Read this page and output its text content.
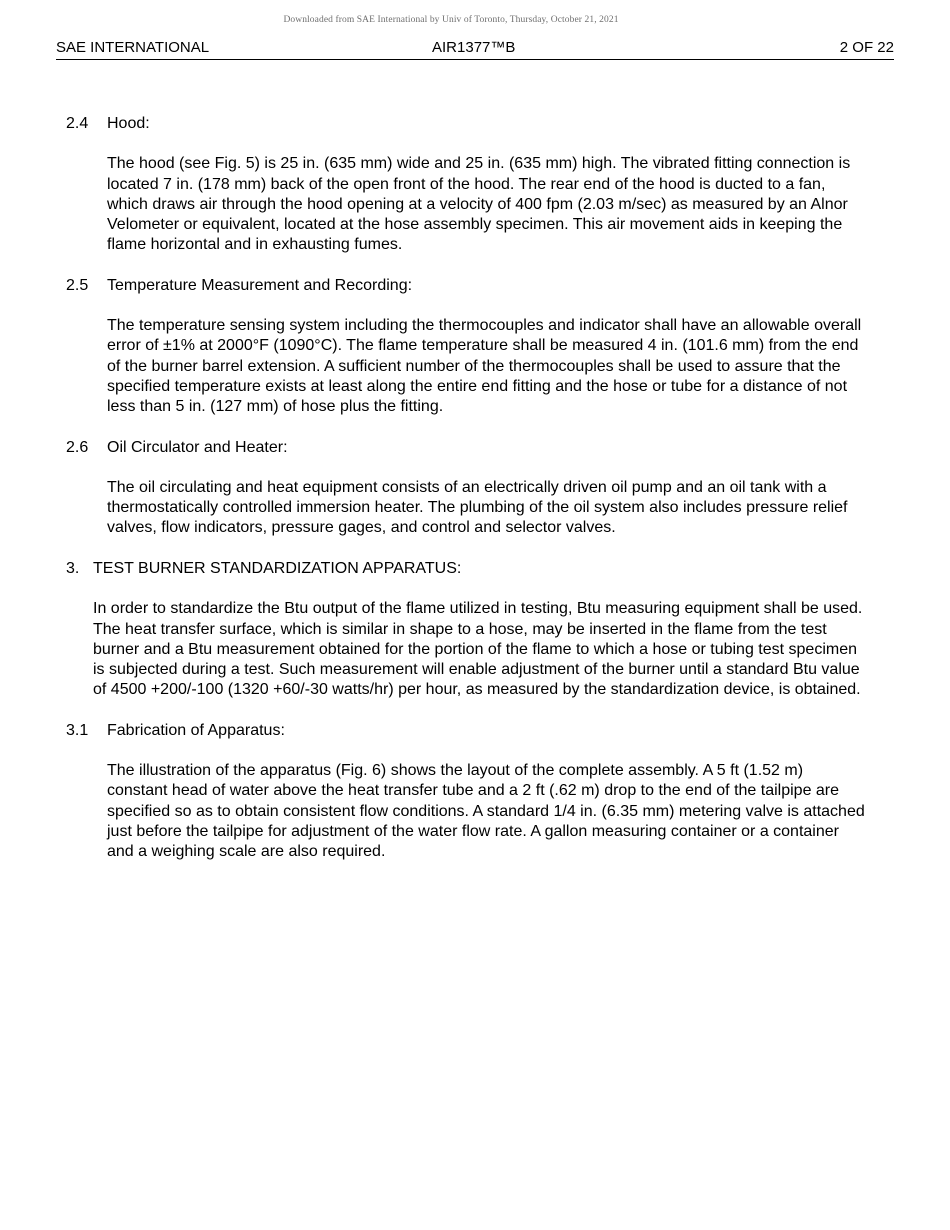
Downloaded from SAE International by Univ of Toronto, Thursday, October 21, 2021
SAE INTERNATIONAL	AIR1377™B	2 OF 22
2.4 Hood:

The hood (see Fig. 5) is 25 in. (635 mm) wide and 25 in. (635 mm) high. The vibrated fitting connection is located 7 in. (178 mm) back of the open front of the hood. The rear end of the hood is ducted to a fan, which draws air through the hood opening at a velocity of 400 fpm (2.03 m/sec) as measured by an Alnor Velometer or equivalent, located at the hose assembly specimen. This air movement aids in keeping the flame horizontal and in exhausting fumes.

2.5 Temperature Measurement and Recording:

The temperature sensing system including the thermocouples and indicator shall have an allowable overall error of ±1% at 2000°F (1090°C). The flame temperature shall be measured 4 in. (101.6 mm) from the end of the burner barrel extension. A sufficient number of the thermocouples shall be used to assure that the specified temperature exists at least along the entire end fitting and the hose or tube for a distance of not less than 5 in. (127 mm) of hose plus the fitting.

2.6 Oil Circulator and Heater:

The oil circulating and heat equipment consists of an electrically driven oil pump and an oil tank with a thermostatically controlled immersion heater. The plumbing of the oil system also includes pressure relief valves, flow indicators, pressure gages, and control and selector valves.

3. TEST BURNER STANDARDIZATION APPARATUS:

In order to standardize the Btu output of the flame utilized in testing, Btu measuring equipment shall be used. The heat transfer surface, which is similar in shape to a hose, may be inserted in the flame from the test burner and a Btu measurement obtained for the portion of the flame to which a hose or tubing test specimen is subjected during a test. Such measurement will enable adjustment of the burner until a standard Btu value of 4500 +200/-100 (1320 +60/-30 watts/hr) per hour, as measured by the standardization device, is obtained.

3.1 Fabrication of Apparatus:

The illustration of the apparatus (Fig. 6) shows the layout of the complete assembly. A 5 ft (1.52 m) constant head of water above the heat transfer tube and a 2 ft (.62 m) drop to the end of the tailpipe are specified so as to obtain consistent flow conditions. A standard 1/4 in. (6.35 mm) metering valve is attached just before the tailpipe for adjustment of the water flow rate. A gallon measuring container or a container and a weighing scale are also required.
